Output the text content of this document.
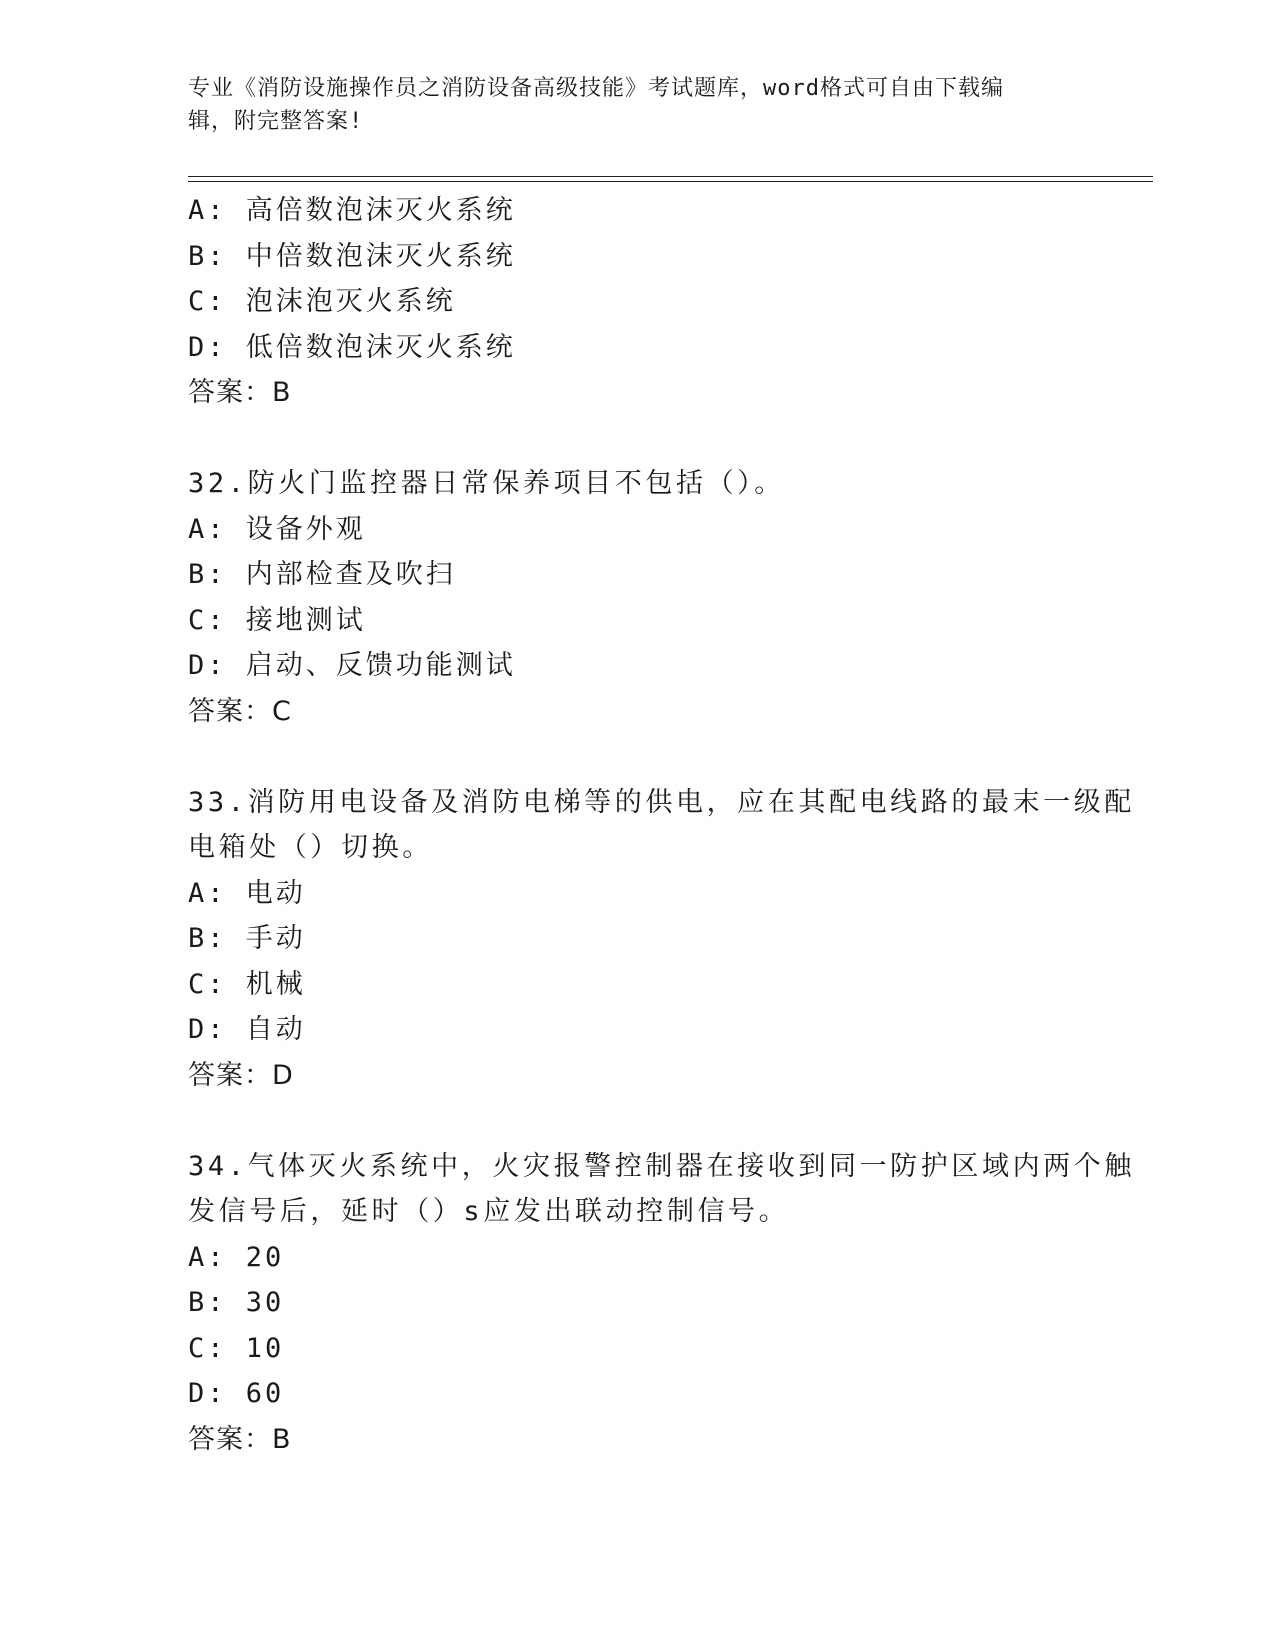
专业《消防设施操作员之消防设备高级技能》考试题库，word格式可自由下载编
辑，附完整答案!
A: 高倍数泡沫灭火系统
B: 中倍数泡沫灭火系统
C: 泡沫泡灭火系统
D: 低倍数泡沫灭火系统
答案：B
32.防火门监控器日常保养项目不包括（）。
A: 设备外观
B: 内部检查及吹扫
C: 接地测试
D: 启动、反馈功能测试
答案：C
33.消防用电设备及消防电梯等的供电，应在其配电线路的最末一级配
电箱处（）切换。
A: 电动
B: 手动
C: 机械
D: 自动
答案：D
34.气体灭火系统中，火灾报警控制器在接收到同一防护区域内两个触
发信号后，延时（）s应发出联动控制信号。
A: 20
B: 30
C: 10
D: 60
答案：B
